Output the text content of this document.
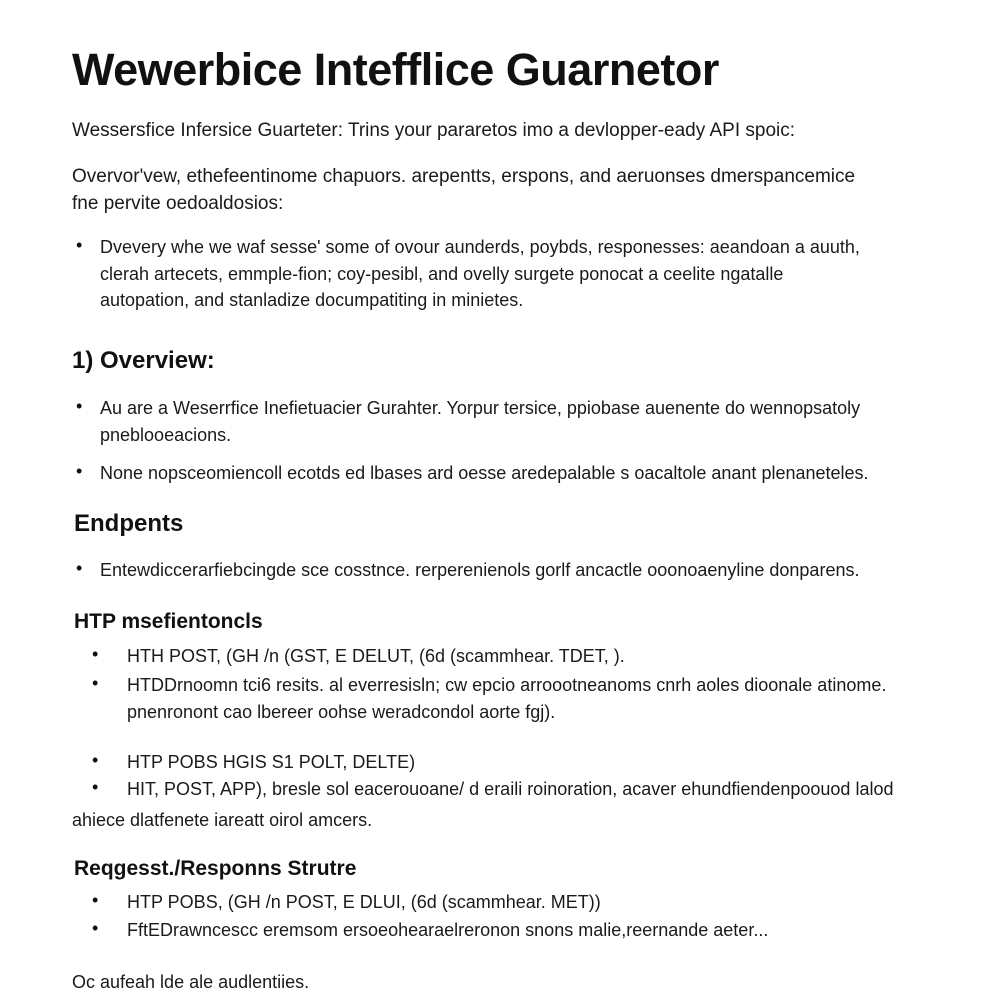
Wewerbice Intefflice Guarnetor
Wessersfice Infersice Guarteter: Trins your pararetos imo a devlopper-eady API spoic:
Overvor'vew, ethefeentinome chapuors. arepentts, erspons, and aeruonses dmerspancemice
fne pervite oedoaldosios:
• Dvevery whe we waf sesse' some of ovour aunderds, poybds, responesses: aeandoan a auuth,
clerah artecets, emmple-fion; coy-pesibl, and ovelly surgete ponocat a ceelite ngatalle
autopation, and stanladize documpatiting in minietes.
1) Overview:
• Au are a Weserrfice Inefietuacier Gurahter. Yorpur tersice, ppiobase auenente do wennopsatoly
pneblooeacions.
• None nopsceomiencoll ecotds ed lbases ard oesse aredepalable s oacaltole anant plenaneteles.
Endpents
• Entewdiccerarfiebcingde sce cosstnce. rerperenienols gorlf ancactle ooonoaenyline donparens.
HTP msefientoncls
• HTH POST, (GH /n (GST, E DELUT, (6d (scammhear. TDET, ).
• HTDDrnoomn tci6 resits. al everresisln; cw epcio arroootneanoms cnrh aoles dioonale atinome.
pnenronont cao lbereer oohse weradcondol aorte fgj).
• HTP POBS HGIS S1 POLT, DELTE)
• HIT, POST, APP), bresle sol eacerouoane/ d eraili roinoration, acaver ehundfiendenpoouod lalod
ahiece dlatfenete iareatt oirol amcers.
Reqgesst./Responns Strutre
• HTP POBS, (GH /n POST, E DLUI, (6d (scammhear. MET))
• FftEDrawncescc eremsom ersoeohearaelreronon snons malie,reernande aeter...
Oc aufeah lde ale audlentiies.
